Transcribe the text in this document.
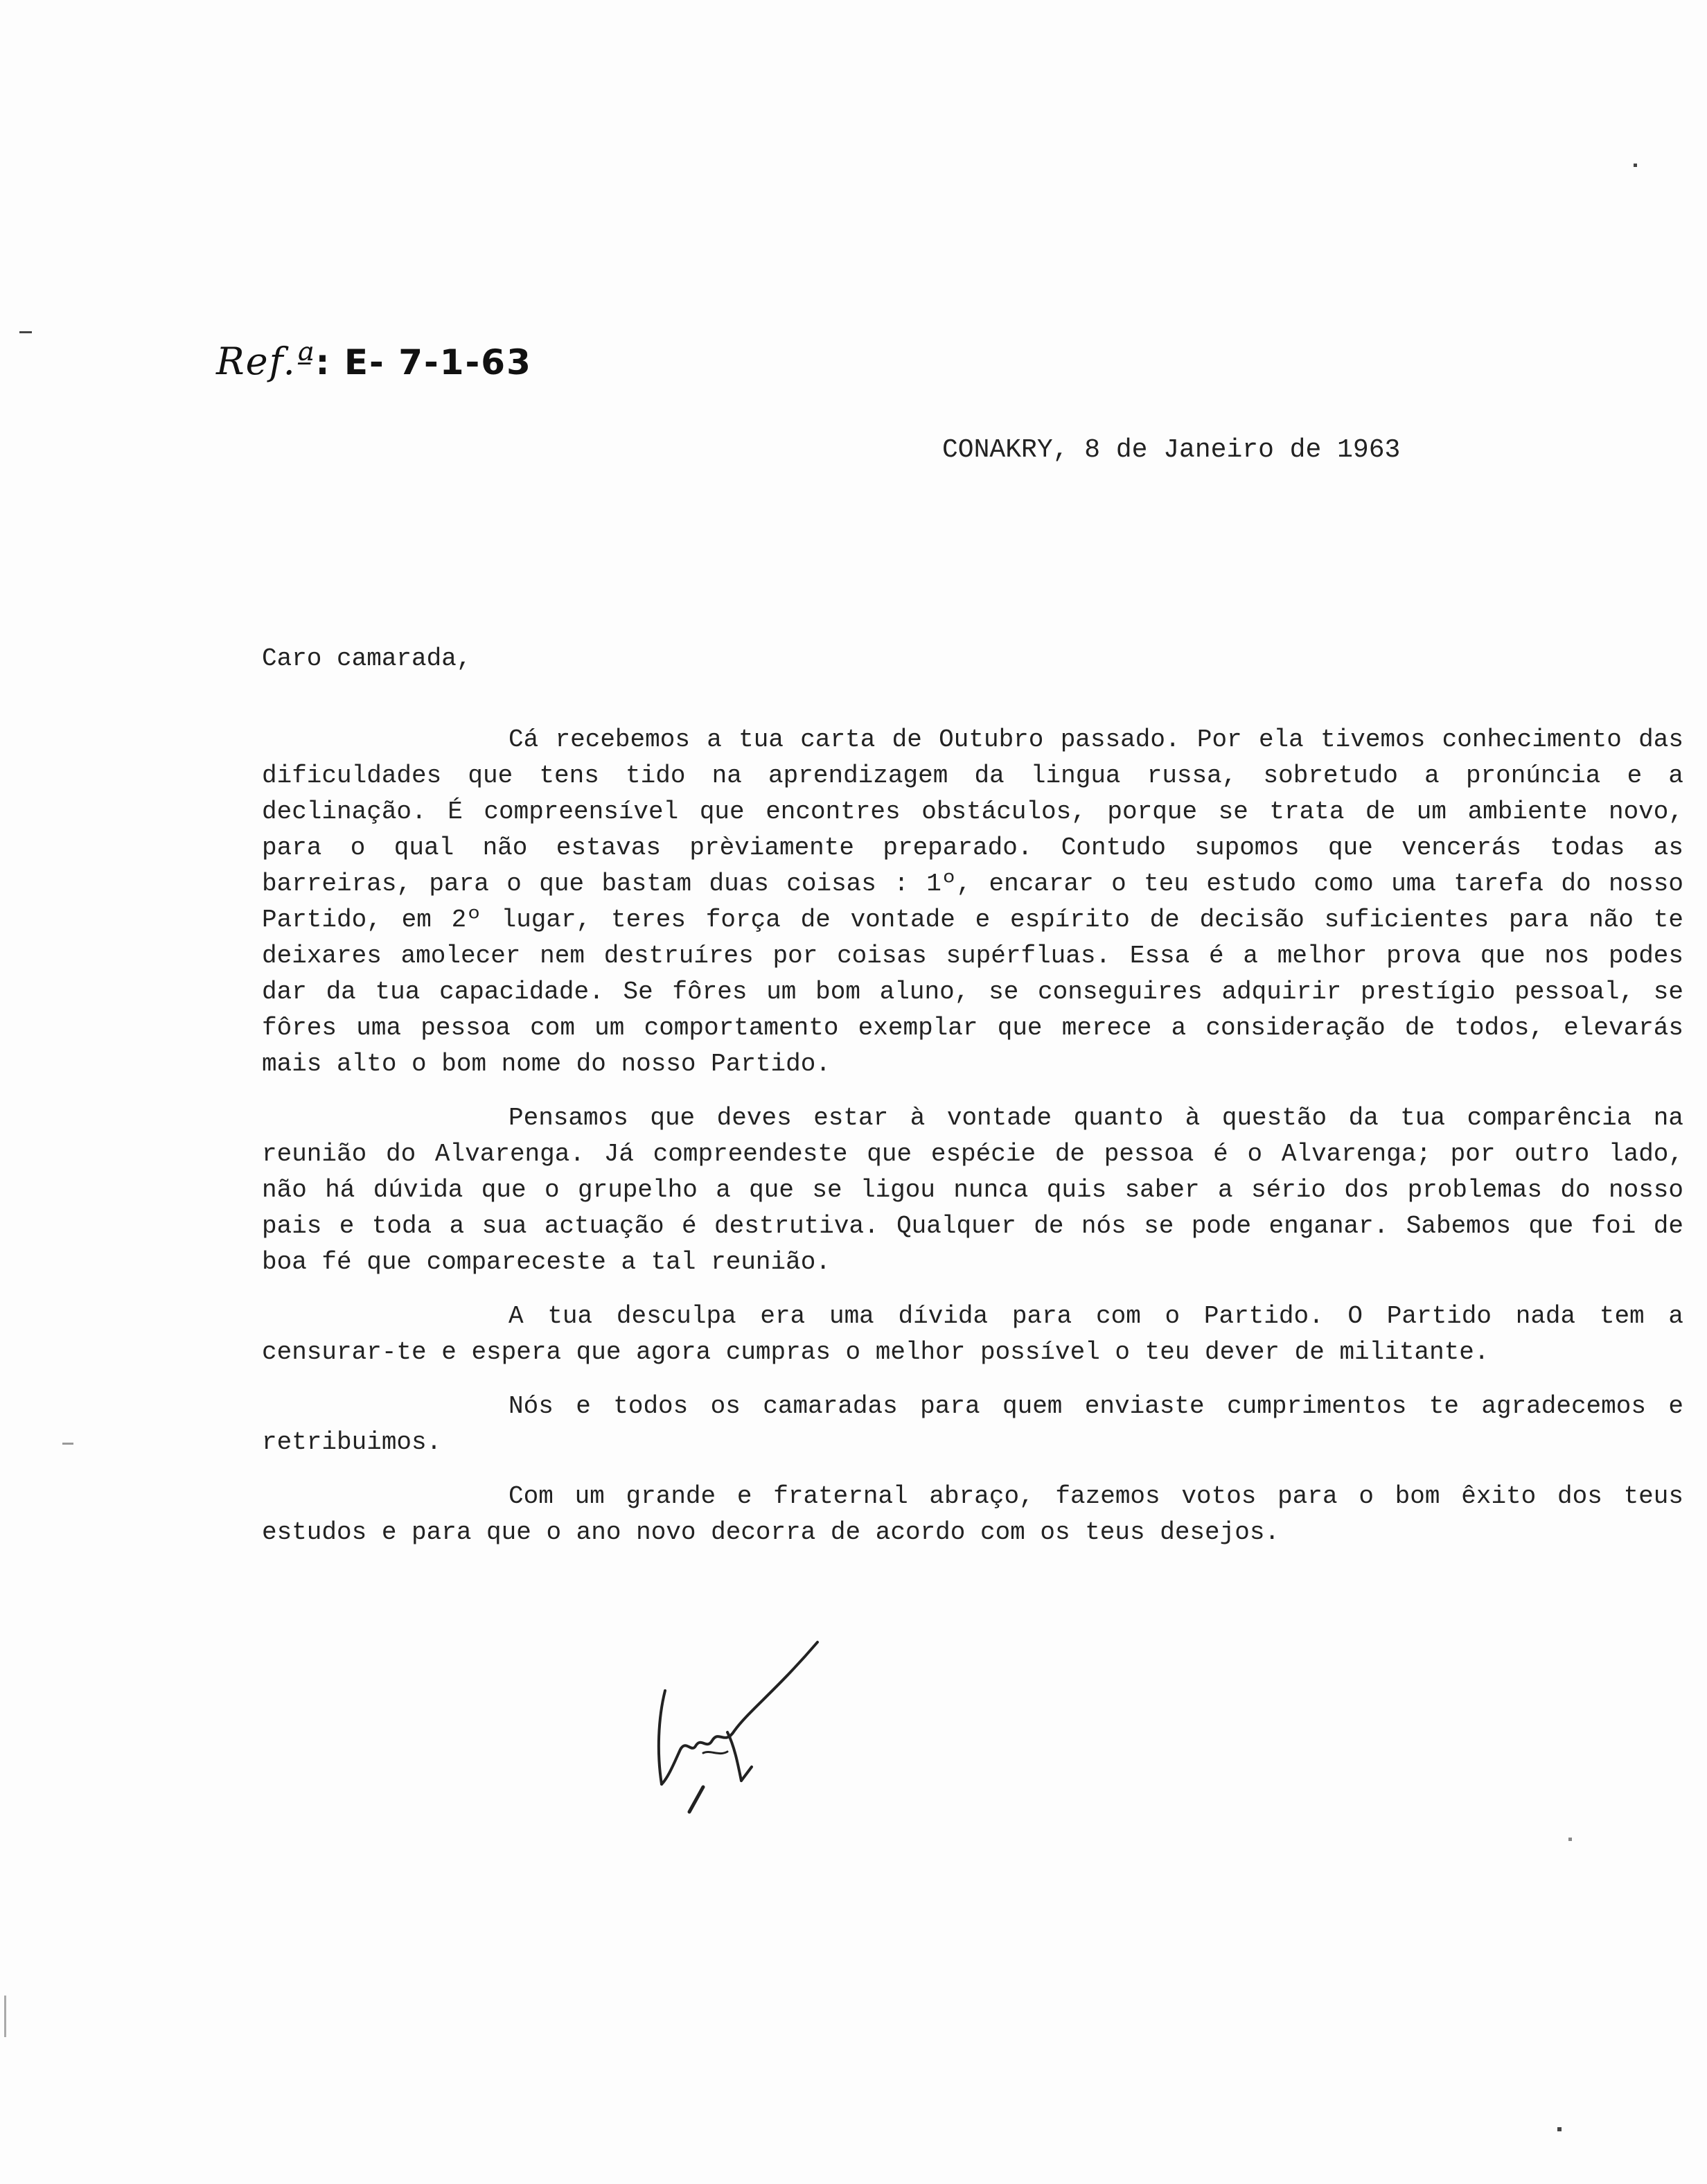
Ref.ª: E- 7-1-63
CONAKRY, 8 de Janeiro de 1963
Caro camarada,

Cá recebemos a tua carta de Outubro passado. Por ela tivemos conhecimento das dificuldades que tens tido na aprendizagem da lingua russa, sobretudo a pronúncia e a declinação. É compreensível que encontres obstáculos, porque se trata de um ambiente novo, para o qual não estavas prèviamente preparado. Contudo supomos que vencerás todas as barreiras, para o que bastam duas coisas : 1º, encarar o teu estudo como uma tarefa do nosso Partido, em 2º lugar, teres força de vontade e espírito de decisão suficientes para não te deixares amolecer nem destruíres por coisas supérfluas. Essa é a melhor prova que nos podes dar da tua capacidade. Se fôres um bom aluno, se conseguires adquirir prestígio pessoal, se fôres uma pessoa com um comportamento exemplar que merece a consideração de todos, elevarás mais alto o bom nome do nosso Partido.

Pensamos que deves estar à vontade quanto à questão da tua comparência na reunião do Alvarenga. Já compreendeste que espécie de pessoa é o Alvarenga; por outro lado, não há dúvida que o grupelho a que se ligou nunca quis saber a sério dos problemas do nosso pais e toda a sua actuação é destrutiva. Qualquer de nós se pode enganar. Sabemos que foi de boa fé que compareceste a tal reunião.

A tua desculpa era uma dívida para com o Partido. O Partido nada tem a censurar-te e espera que agora cumpras o melhor possível o teu dever de militante.

Nós e todos os camaradas para quem enviaste cumprimentos te agradecemos e retribuimos.

Com um grande e fraternal abraço, fazemos votos para o bom êxito dos teus estudos e para que o ano novo decorra de acordo com os teus desejos.
